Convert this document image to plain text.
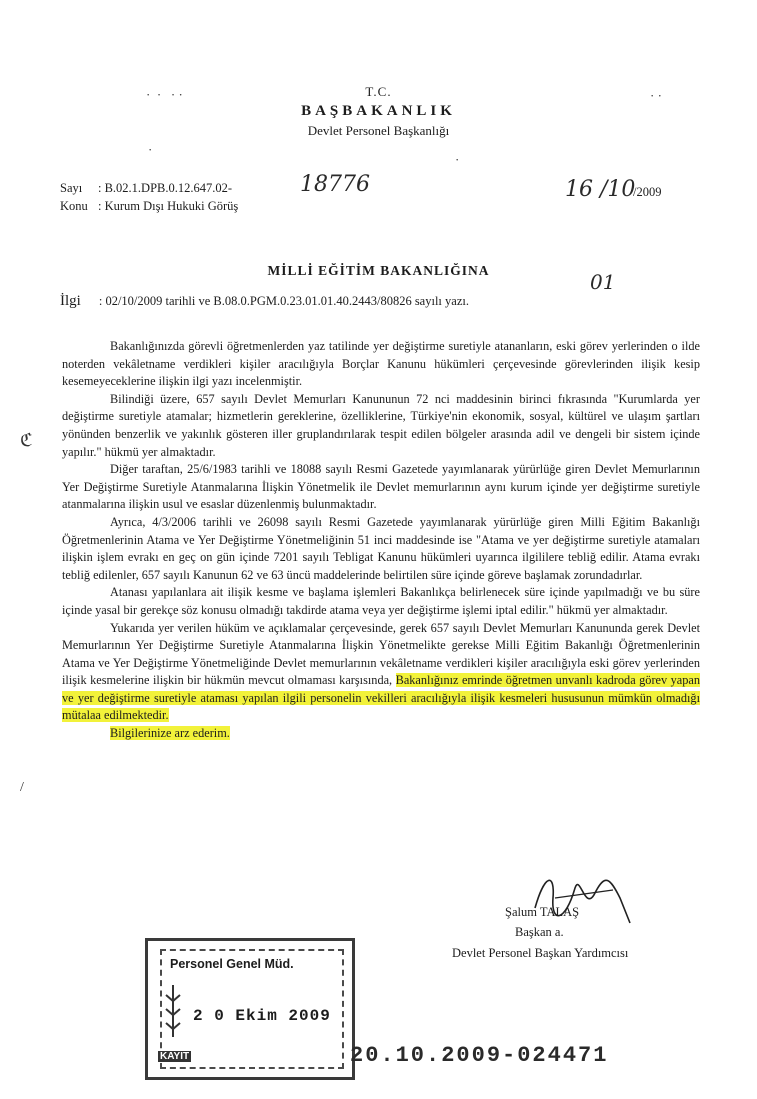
·  ·   · ·	· ·
·
·
ℭ
/
T.C.
BAŞBAKANLIK
Devlet Personel Başkanlığı
Sayı : B.02.1.DPB.0.12.647.02-	18776
Konu : Kurum Dışı Hukuki Görüş
16 /10
/2009
MİLLİ EĞİTİM BAKANLIĞINA	01
İlgi : 02/10/2009 tarihli ve B.08.0.PGM.0.23.01.01.40.2443/80826 sayılı yazı.

Bakanlığınızda görevli öğretmenlerden yaz tatilinde yer değiştirme suretiyle atananların, eski görev yerlerinden o ilde noterden vekâletname verdikleri kişiler aracılığıyla Borçlar Kanunu hükümleri çerçevesinde görevlerinden ilişik kesip kesemeyeceklerine ilişkin ilgi yazı incelenmiştir.

Bilindiği üzere, 657 sayılı Devlet Memurları Kanununun 72 nci maddesinin birinci fıkrasında "Kurumlarda yer değiştirme suretiyle atamalar; hizmetlerin gereklerine, özelliklerine, Türkiye'nin ekonomik, sosyal, kültürel ve ulaşım şartları yönünden benzerlik ve yakınlık gösteren iller gruplandırılarak tespit edilen bölgeler arasında adil ve dengeli bir sistem içinde yapılır." hükmü yer almaktadır.

Diğer taraftan, 25/6/1983 tarihli ve 18088 sayılı Resmi Gazetede yayımlanarak yürürlüğe giren Devlet Memurlarının Yer Değiştirme Suretiyle Atanmalarına İlişkin Yönetmelik ile Devlet memurlarının aynı kurum içinde yer değiştirme suretiyle atanmalarına ilişkin usul ve esaslar düzenlenmiş bulunmaktadır.

Ayrıca, 4/3/2006 tarihli ve 26098 sayılı Resmi Gazetede yayımlanarak yürürlüğe giren Milli Eğitim Bakanlığı Öğretmenlerinin Atama ve Yer Değiştirme Yönetmeliğinin 51 inci maddesinde ise "Atama ve yer değiştirme suretiyle atamaları ilişkin işlem evrakı en geç on gün içinde 7201 sayılı Tebligat Kanunu hükümleri uyarınca ilgililere tebliğ edilir. Atama evrakı tebliğ edilenler, 657 sayılı Kanunun 62 ve 63 üncü maddelerinde belirtilen süre içinde göreve başlamak zorundadırlar.

Atanası yapılanlara ait ilişik kesme ve başlama işlemleri Bakanlıkça belirlenecek süre içinde yapılmadığı ve bu süre içinde yasal bir gerekçe söz konusu olmadığı takdirde atama veya yer değiştirme işlemi iptal edilir." hükmü yer almaktadır.

Yukarıda yer verilen hüküm ve açıklamalar çerçevesinde, gerek 657 sayılı Devlet Memurları Kanununda gerek Devlet Memurlarının Yer Değiştirme Suretiyle Atanmalarına İlişkin Yönetmelikte gerekse Milli Eğitim Bakanlığı Öğretmenlerinin Atama ve Yer Değiştirme Yönetmeliğinde Devlet memurlarının vekâletname verdikleri kişiler aracılığıyla eski görev yerlerinden ilişik kesmelerine ilişkin bir hükmün mevcut olmaması karşısında, Bakanlığınız emrinde öğretmen unvanlı kadroda görev yapan ve yer değiştirme suretiyle ataması yapılan ilgili personelin vekilleri aracılığıyla ilişik kesmeleri hususunun mümkün olmadığı mütalaa edilmektedir.

Bilgilerinize arz ederim.

Şalum TALAŞ
Başkan a.
Devlet Personel Başkan Yardımcısı
Personel Genel Müd.
2 0 Ekim 2009
KAYIT	20.10.2009-024471
